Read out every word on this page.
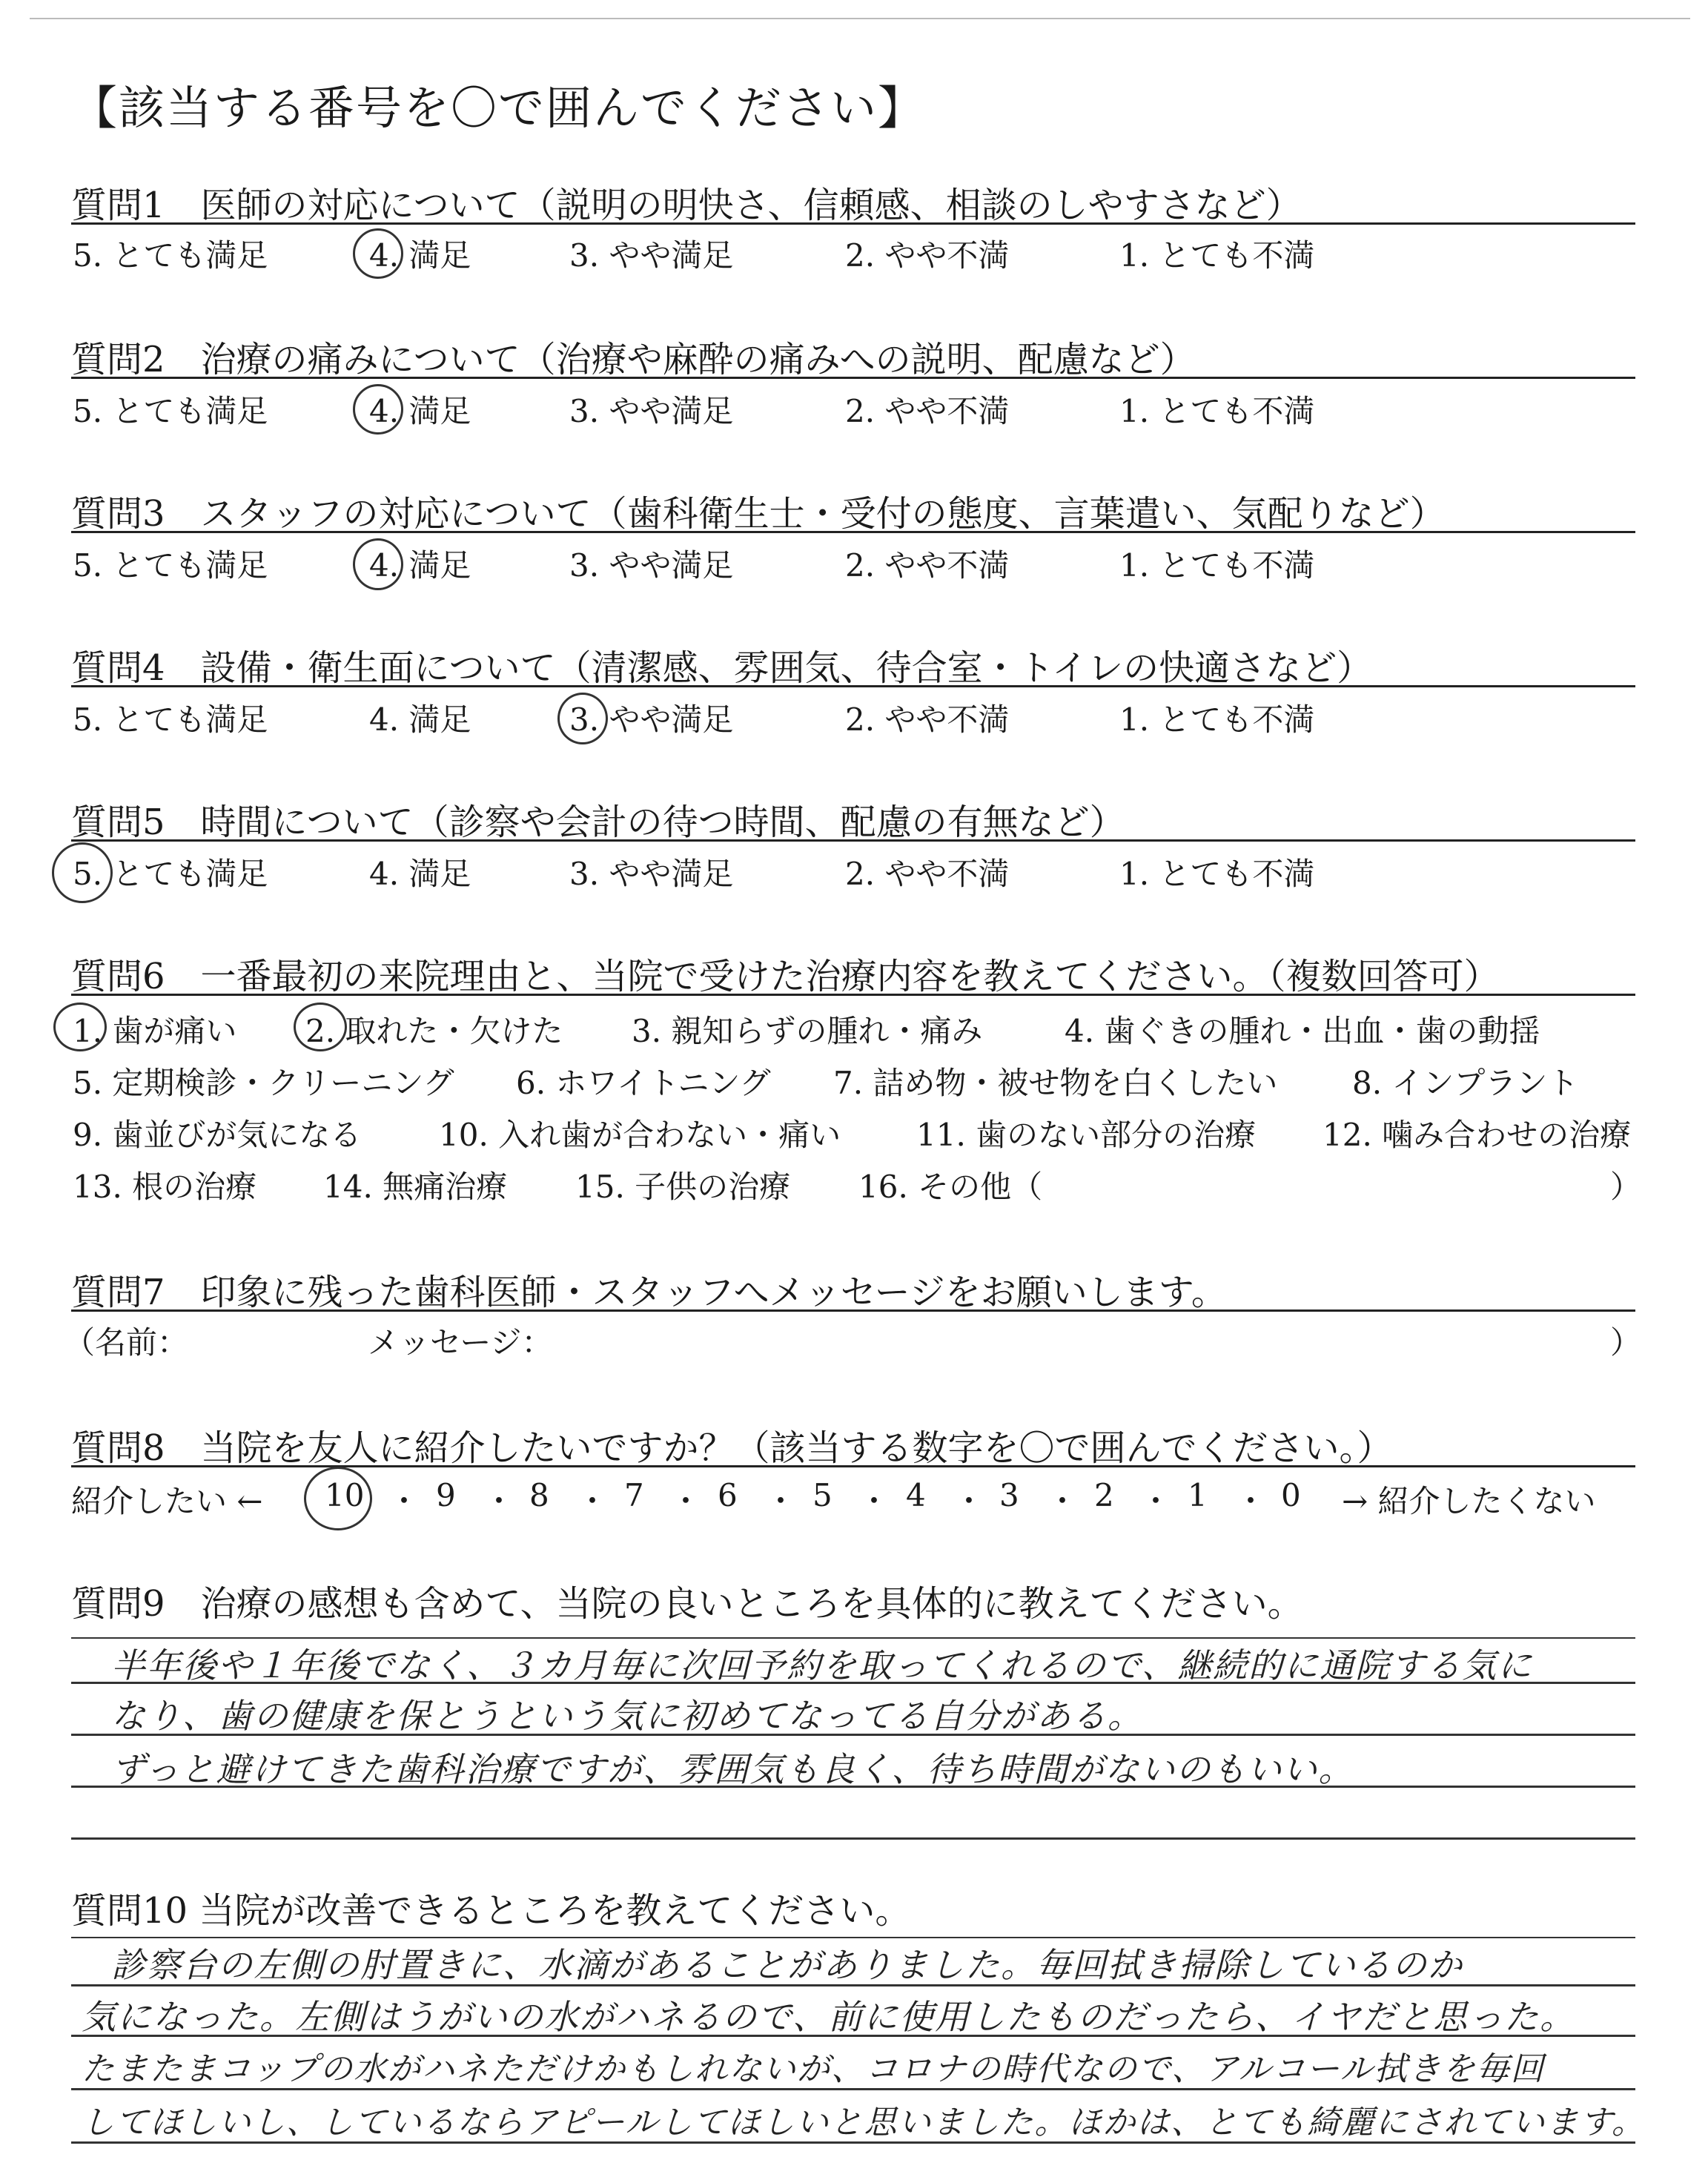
【該当する番号を〇で囲んでください】
質問1　医師の対応について（説明の明快さ、信頼感、相談のしやすさなど）
5. とても満足	4. 満足	3. やや満足	2. やや不満	1. とても不満
質問2　治療の痛みについて（治療や麻酔の痛みへの説明、配慮など）
5. とても満足	4. 満足	3. やや満足	2. やや不満	1. とても不満
質問3　スタッフの対応について（歯科衛生士・受付の態度、言葉遣い、気配りなど）
5. とても満足	4. 満足	3. やや満足	2. やや不満	1. とても不満
質問4　設備・衛生面について（清潔感、雰囲気、待合室・トイレの快適さなど）
5. とても満足	4. 満足	3. やや満足	2. やや不満	1. とても不満
質問5　時間について（診察や会計の待つ時間、配慮の有無など）
5. とても満足	4. 満足	3. やや満足	2. やや不満	1. とても不満
質問6　一番最初の来院理由と、当院で受けた治療内容を教えてください。（複数回答可）
1. 歯が痛い 2. 取れた・欠けた 3. 親知らずの腫れ・痛み	4. 歯ぐきの腫れ・出血・歯の動揺
5. 定期検診・クリーニング 6. ホワイトニング 7. 詰め物・被せ物を白くしたい 8. インプラント
9. 歯並びが気になる 10. 入れ歯が合わない・痛い 11. 歯のない部分の治療 12. 噛み合わせの治療
13. 根の治療 14. 無痛治療 15. 子供の治療 16. その他（	）
質問7　印象に残った歯科医師・スタッフへメッセージをお願いします。
（名前：	メッセージ：	）
質問8　当院を友人に紹介したいですか？（該当する数字を〇で囲んでください。）
紹介したい ← 10 ・ 9 ・ 8 ・ 7 ・ 6 ・ 5 ・ 4 ・ 3 ・ 2 ・ 1 ・ 0 → 紹介したくない
質問9　治療の感想も含めて、当院の良いところを具体的に教えてください。
半年後や１年後でなく、３カ月毎に次回予約を取ってくれるので、継続的に通院する気に
なり、歯の健康を保とうという気に初めてなってる自分がある。
ずっと避けてきた歯科治療ですが、雰囲気も良く、待ち時間がないのもいい。
質問10 当院が改善できるところを教えてください。
診察台の左側の肘置きに、水滴があることがありました。毎回拭き掃除しているのか
気になった。左側はうがいの水がハネるので、前に使用したものだったら、イヤだと思った。
たまたまコップの水がハネただけかもしれないが、コロナの時代なので、アルコール拭きを毎回
してほしいし、しているならアピールしてほしいと思いました。ほかは、とても綺麗にされています。
